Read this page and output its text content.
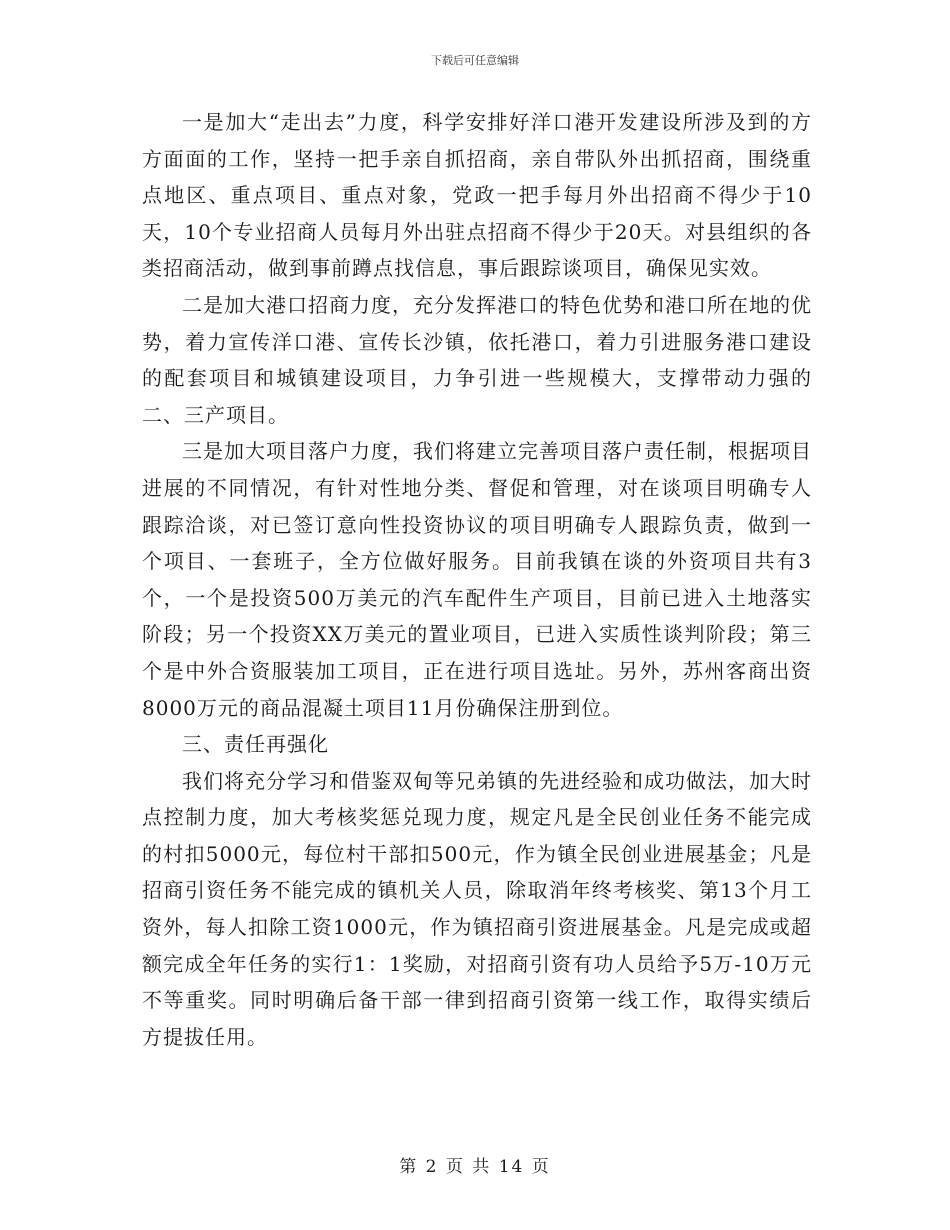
下载后可任意编辑

一是加大“走出去”力度，科学安排好洋口港开发建设所涉及到的方方面面的工作，坚持一把手亲自抓招商，亲自带队外出抓招商，围绕重点地区、重点项目、重点对象，党政一把手每月外出招商不得少于10天，10个专业招商人员每月外出驻点招商不得少于20天。对县组织的各类招商活动，做到事前蹲点找信息，事后跟踪谈项目，确保见实效。

二是加大港口招商力度，充分发挥港口的特色优势和港口所在地的优势，着力宣传洋口港、宣传长沙镇，依托港口，着力引进服务港口建设的配套项目和城镇建设项目，力争引进一些规模大，支撑带动力强的二、三产项目。

三是加大项目落户力度，我们将建立完善项目落户责任制，根据项目进展的不同情况，有针对性地分类、督促和管理，对在谈项目明确专人跟踪洽谈，对已签订意向性投资协议的项目明确专人跟踪负责，做到一个项目、一套班子，全方位做好服务。目前我镇在谈的外资项目共有3个，一个是投资500万美元的汽车配件生产项目，目前已进入土地落实阶段；另一个投资XX万美元的置业项目，已进入实质性谈判阶段；第三个是中外合资服装加工项目，正在进行项目选址。另外，苏州客商出资8000万元的商品混凝土项目11月份确保注册到位。

三、责任再强化

我们将充分学习和借鉴双甸等兄弟镇的先进经验和成功做法，加大时点控制力度，加大考核奖惩兑现力度，规定凡是全民创业任务不能完成的村扣5000元，每位村干部扣500元，作为镇全民创业进展基金；凡是招商引资任务不能完成的镇机关人员，除取消年终考核奖、第13个月工资外，每人扣除工资1000元，作为镇招商引资进展基金。凡是完成或超额完成全年任务的实行1：1奖励，对招商引资有功人员给予5万-10万元不等重奖。同时明确后备干部一律到招商引资第一线工作，取得实绩后方提拔任用。

第 2 页 共 14 页
